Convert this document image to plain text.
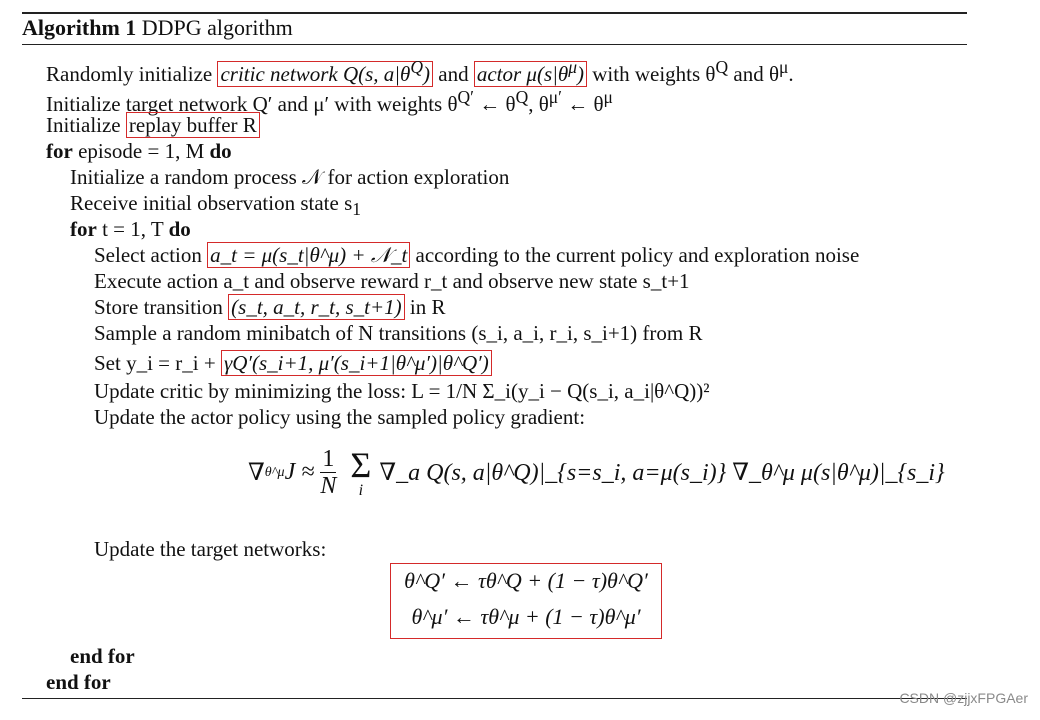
Algorithm 1 DDPG algorithm
Randomly initialize critic network Q(s, $a|\theta^Q$) and actor $\mu(s|\theta^\mu)$ with weights $\theta^Q$ and $\theta^\mu$.
Initialize target network Q′ and μ′ with weights $\theta^{Q'}$ ← $\theta^Q$, $\theta^{\mu'}$ ← $\theta^\mu$
Initialize replay buffer R
for episode = 1, M do
Initialize a random process 𝒩 for action exploration
Receive initial observation state $s_1$
for t = 1, T do
Select action a_t = μ(s_t|θ^μ) + 𝒩_t according to the current policy and exploration noise
Execute action a_t and observe reward r_t and observe new state s_t+1
Store transition (s_t, a_t, r_t, s_t+1) in R
Sample a random minibatch of N transitions (s_i, a_i, r_i, s_i+1) from R
Set y_i = r_i + γQ′(s_i+1, μ′(s_i+1|θ^μ′)|θ^Q′)
Update critic by minimizing the loss: L = 1/N Σ_i(y_i − Q(s_i, a_i|θ^Q))²
Update the actor policy using the sampled policy gradient:
∇ θ^μ $J \approx \frac{1}{N}$ Σ
i
∇_a Q(s, a|θ^Q)|_{s=s_i, a=μ(s_i)} ∇_θ^μ μ(s|θ^μ)|_{s_i}
Update the target networks:
θ^Q′ ← τθ^Q + (1 − τ)θ^Q′
θ^μ′ ← τθ^μ + (1 − τ)θ^μ′
end for
end for
CSDN @zjjxFPGAer
